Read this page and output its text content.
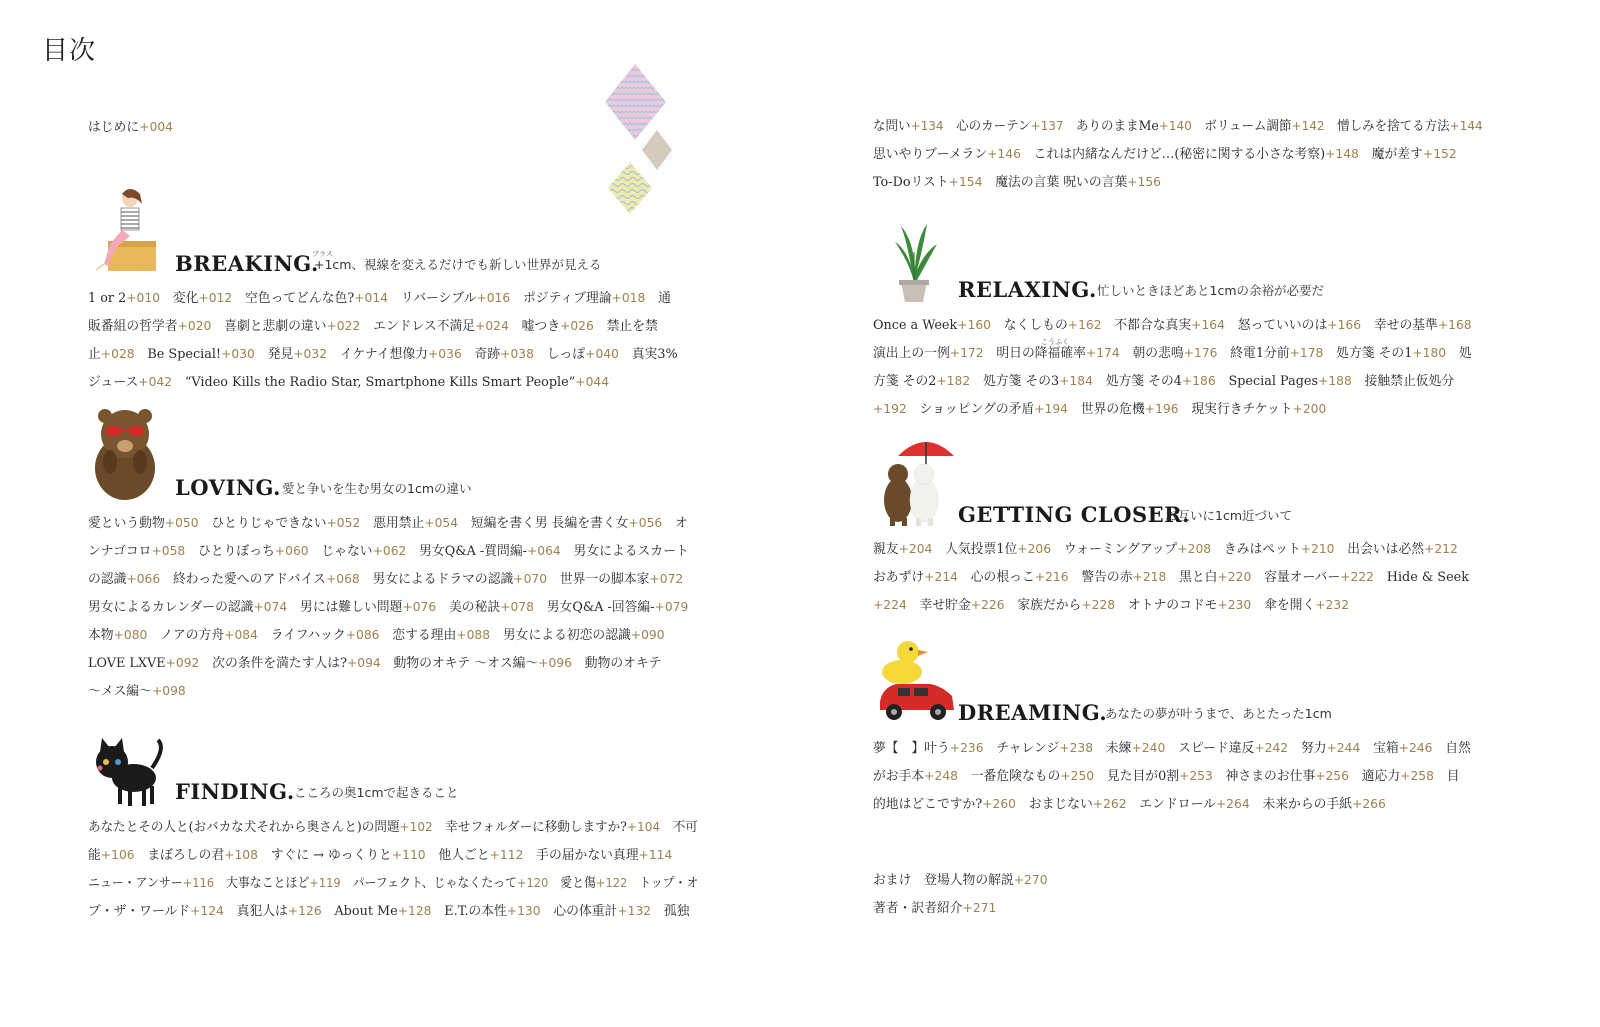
目次
はじめに+004
BREAKING.
プラス
+1cm、視線を変えるだけでも新しい世界が見える
1 or 2+010 変化+012 空色ってどんな色?+014 リバーシブル+016 ポジティブ理論+018 通
販番組の哲学者+020 喜劇と悲劇の違い+022 エンドレス不満足+024 嘘つき+026 禁止を禁
止+028 Be Special!+030 発見+032 イケナイ想像力+036 奇跡+038 しっぽ+040 真実3%
ジュース+042 “Video Kills the Radio Star, Smartphone Kills Smart People”+044
LOVING. 愛と争いを生む男女の1cmの違い
愛という動物+050 ひとりじゃできない+052 悪用禁止+054 短編を書く男 長編を書く女+056 オ
ンナゴコロ+058 ひとりぼっち+060 じゃない+062 男女Q&A -質問編-+064 男女によるスカート
の認識+066 終わった愛へのアドバイス+068 男女によるドラマの認識+070 世界一の脚本家+072
男女によるカレンダーの認識+074 男には難しい問題+076 美の秘訣+078 男女Q&A -回答編-+079
本物+080 ノアの方舟+084 ライフハック+086 恋する理由+088 男女による初恋の認識+090
LOVE LXVE+092 次の条件を満たす人は?+094 動物のオキテ ～オス編～+096 動物のオキテ
～メス編～+098
FINDING. こころの奥1cmで起きること
あなたとその人と(おバカな犬それから奥さんと)の問題+102 幸せフォルダーに移動しますか?+104 不可
能+106 まぼろしの君+108 すぐに → ゆっくりと+110 他人ごと+112 手の届かない真理+114
ニュー・アンサー+116 大事なことほど+119 パーフェクト、じゃなくたって+120 愛と傷+122 トップ・オ
ブ・ザ・ワールド+124 真犯人は+126 About Me+128 E.T.の本性+130 心の体重計+132 孤独
な問い+134 心のカーテン+137 ありのままMe+140 ボリューム調節+142 憎しみを捨てる方法+144
思いやりブーメラン+146 これは内緒なんだけど…(秘密に関する小さな考察)+148 魔が差す+152
To-Doリスト+154 魔法の言葉 呪いの言葉+156
RELAXING. 忙しいときほどあと1cmの余裕が必要だ
こうふく
Once a Week+160 なくしもの+162 不都合な真実+164 怒っていいのは+166 幸せの基準+168
演出上の一例+172 明日の降福確率+174 朝の悲鳴+176 終電1分前+178 処方箋 その1+180 処
方箋 その2+182 処方箋 その3+184 処方箋 その4+186 Special Pages+188 接触禁止仮処分
+192 ショッピングの矛盾+194 世界の危機+196 現実行きチケット+200
GETTING CLOSER.
お互いに1cm近づいて
親友+204 人気投票1位+206 ウォーミングアップ+208 きみはペット+210 出会いは必然+212
おあずけ+214 心の根っこ+216 警告の赤+218 黒と白+220 容量オーバー+222 Hide & Seek
+224 幸せ貯金+226 家族だから+228 オトナのコドモ+230 傘を開く+232
DREAMING.
あなたの夢が叶うまで、あとたった1cm
夢【　】叶う+236 チャレンジ+238 未練+240 スピード違反+242 努力+244 宝箱+246 自然
がお手本+248 一番危険なもの+250 見た目が0割+253 神さまのお仕事+256 適応力+258 目
的地はどこですか?+260 おまじない+262 エンドロール+264 未来からの手紙+266
おまけ 登場人物の解説+270
著者・訳者紹介+271
